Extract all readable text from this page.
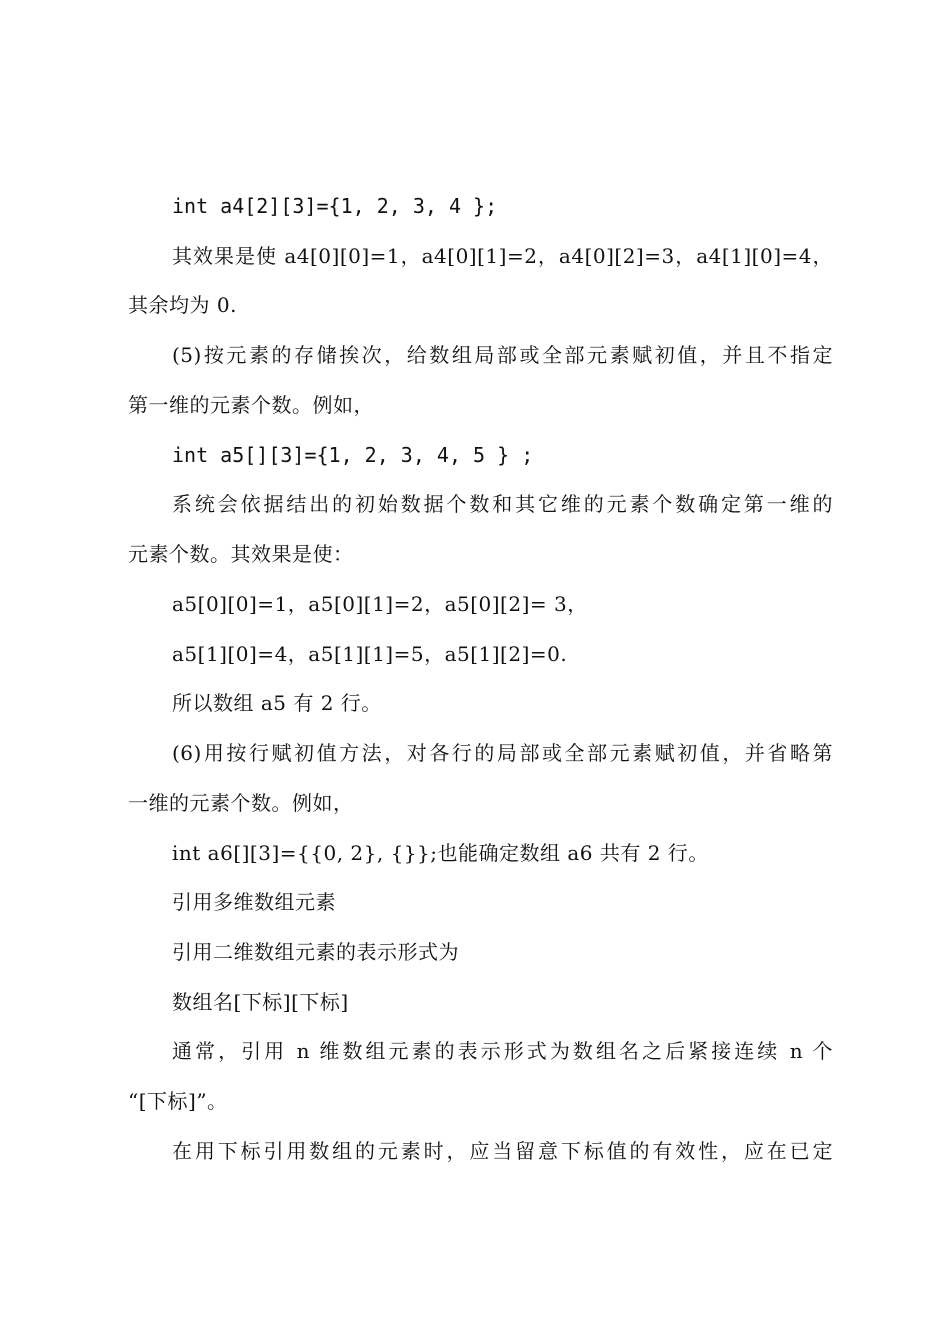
int a4[2][3]={1, 2, 3, 4 };
其效果是使 a4[0][0]=1，a4[0][1]=2，a4[0][2]=3，a4[1][0]=4，
其余均为 0.
(5)按元素的存储挨次，给数组局部或全部元素赋初值，并且不指定
第一维的元素个数。例如，
int a5[][3]={1, 2, 3, 4, 5 } ;
系统会依据结出的初始数据个数和其它维的元素个数确定第一维的
元素个数。其效果是使：
a5[0][0]=1，a5[0][1]=2，a5[0][2]= 3，
a5[1][0]=4，a5[1][1]=5，a5[1][2]=0.
所以数组 a5 有 2 行。
(6)用按行赋初值方法，对各行的局部或全部元素赋初值，并省略第
一维的元素个数。例如，
int a6[][3]={{0, 2}, {}};也能确定数组 a6 共有 2 行。
引用多维数组元素
引用二维数组元素的表示形式为
数组名[下标][下标]
通常，引用 n 维数组元素的表示形式为数组名之后紧接连续 n 个
“[下标]”。
在用下标引用数组的元素时，应当留意下标值的有效性，应在已定
